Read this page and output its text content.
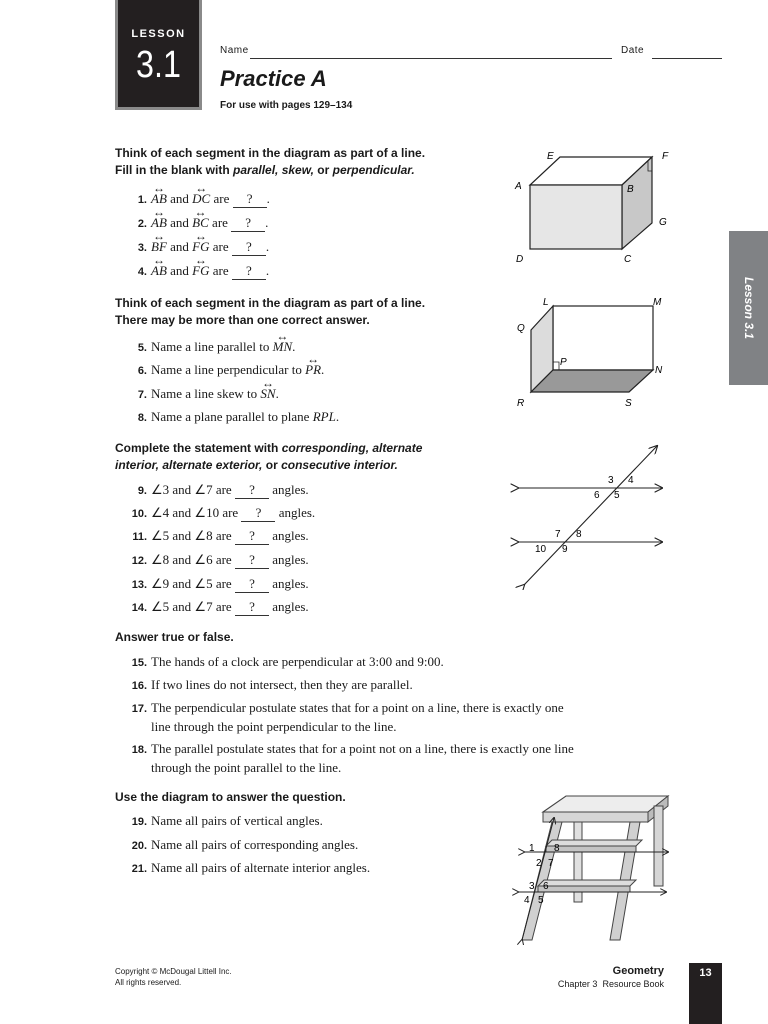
LESSON
3.1	Name	Date
Practice A
For use with pages 129–134
Lesson 3.1
Think of each segment in the diagram as part of a line.
Fill in the blank with parallel, skew, or perpendicular.
1. ↔ AB and ↔ DC are ? .
2. ↔ AB and ↔ BC are ? .
3. ↔ BF and ↔ FG are ? .
4. ↔ AB and ↔ FG are ? .
E	F
A	B
G
D	C
Think of each segment in the diagram as part of a line.
There may be more than one correct answer.
5. Name a line parallel to ↔ MN.
6. Name a line perpendicular to ↔ PR.
7. Name a line skew to ↔ SN.
8. Name a plane parallel to plane RPL.
L	M
Q
P
N
R	S
Complete the statement with corresponding, alternate
interior, alternate exterior, or consecutive interior.
9. ∠3 and ∠7 are ? angles.
10. ∠4 and ∠10 are ? angles.
11. ∠5 and ∠8 are ? angles.
12. ∠8 and ∠6 are ? angles.
13. ∠9 and ∠5 are ? angles.
14. ∠5 and ∠7 are ? angles.
3 4
6 5
7 8
10 9
Answer true or false.
15. The hands of a clock are perpendicular at 3:00 and 9:00.
16. If two lines do not intersect, then they are parallel.
17. The perpendicular postulate states that for a point on a line, there is exactly one line through the point perpendicular to the line.
18. The parallel postulate states that for a point not on a line, there is exactly one line through the point parallel to the line.
Use the diagram to answer the question.
19. Name all pairs of vertical angles.
20. Name all pairs of corresponding angles.
21. Name all pairs of alternate interior angles.
1 8
2 7
3 6
4 5
Copyright © McDougal Littell Inc.
All rights reserved.
Geometry
Chapter 3 Resource Book
13
